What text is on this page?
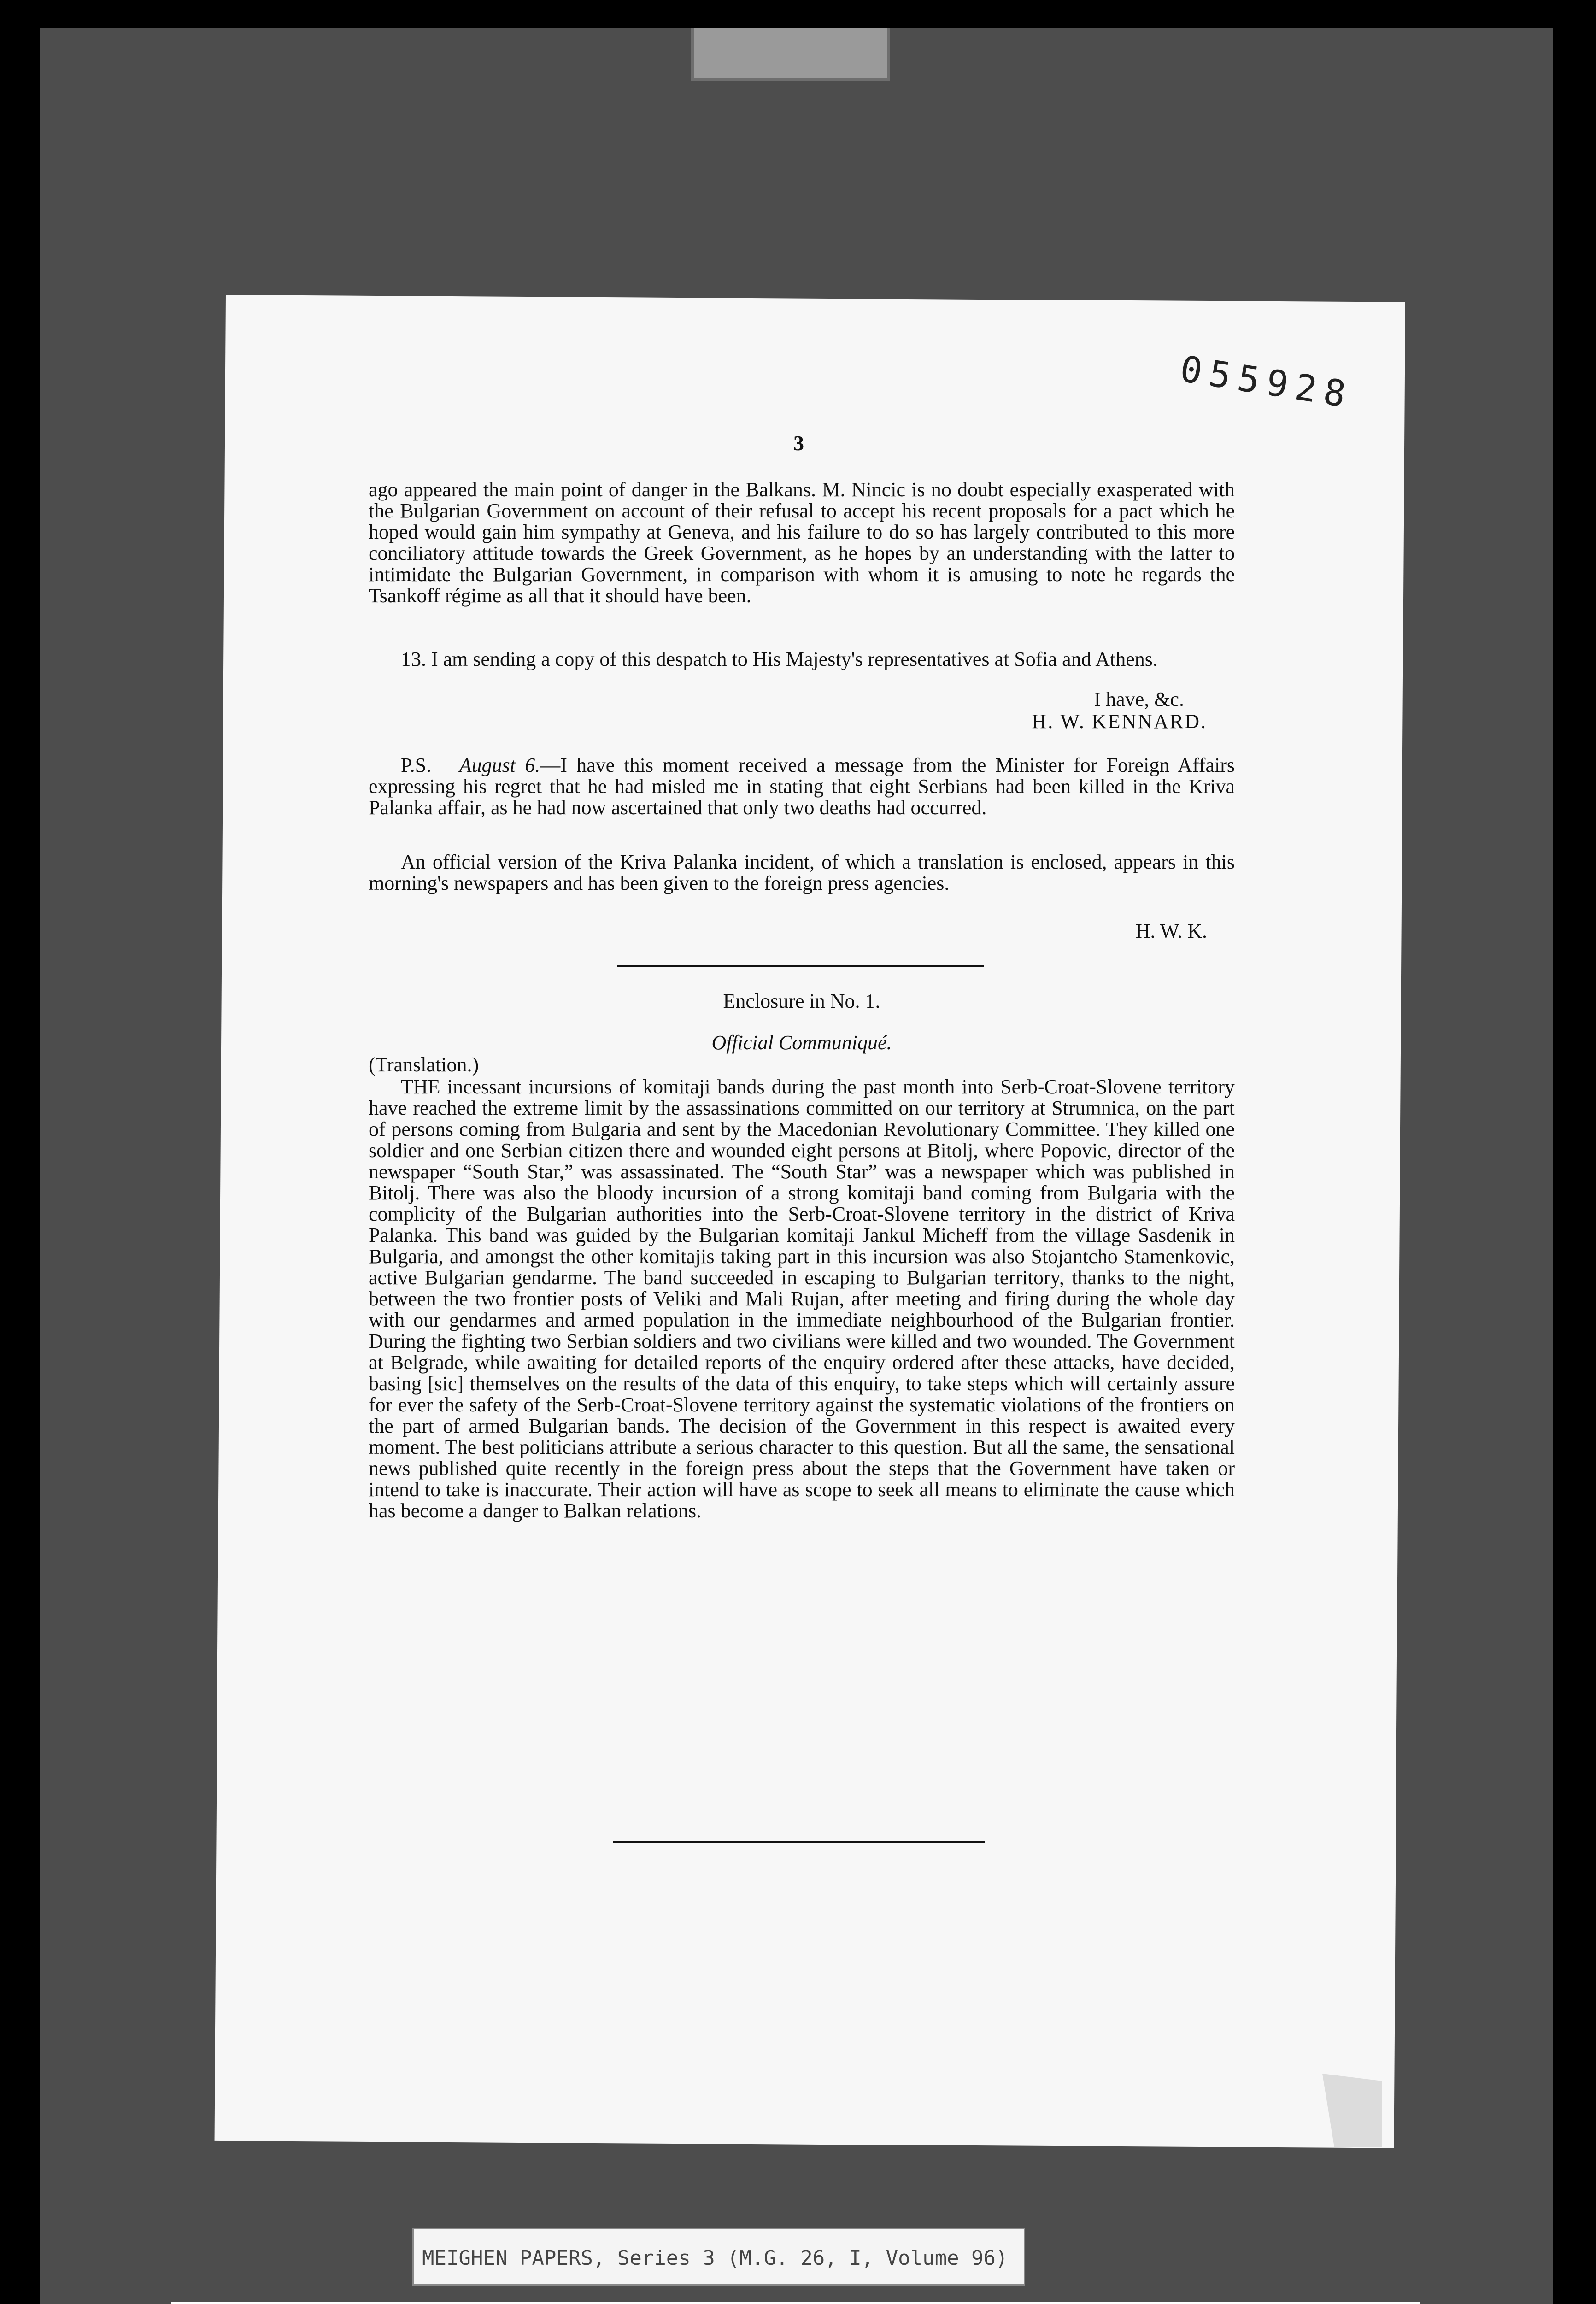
055928
3

ago appeared the main point of danger in the Balkans. M. Nincic is no doubt especially exasperated with the Bulgarian Government on account of their refusal to accept his recent proposals for a pact which he hoped would gain him sympathy at Geneva, and his failure to do so has largely contributed to this more conciliatory attitude towards the Greek Government, as he hopes by an understanding with the latter to intimidate the Bulgarian Government, in comparison with whom it is amusing to note he regards the Tsankoff régime as all that it should have been.

13. I am sending a copy of this despatch to His Majesty's representatives at Sofia and Athens.

I have, &c.

H. W. KENNARD.

P.S. August 6.—I have this moment received a message from the Minister for Foreign Affairs expressing his regret that he had misled me in stating that eight Serbians had been killed in the Kriva Palanka affair, as he had now ascertained that only two deaths had occurred.

An official version of the Kriva Palanka incident, of which a translation is enclosed, appears in this morning's newspapers and has been given to the foreign press agencies.

H. W. K.

Enclosure in No. 1.

Official Communiqué.

(Translation.)

THE incessant incursions of komitaji bands during the past month into Serb-Croat-Slovene territory have reached the extreme limit by the assassinations committed on our territory at Strumnica, on the part of persons coming from Bulgaria and sent by the Macedonian Revolutionary Committee. They killed one soldier and one Serbian citizen there and wounded eight persons at Bitolj, where Popovic, director of the newspaper “South Star,” was assassinated. The “South Star” was a newspaper which was published in Bitolj. There was also the bloody incursion of a strong komitaji band coming from Bulgaria with the complicity of the Bulgarian authorities into the Serb-Croat-Slovene territory in the district of Kriva Palanka. This band was guided by the Bulgarian komitaji Jankul Micheff from the village Sasdenik in Bulgaria, and amongst the other komitajis taking part in this incursion was also Stojantcho Stamenkovic, active Bulgarian gendarme. The band succeeded in escaping to Bulgarian territory, thanks to the night, between the two frontier posts of Veliki and Mali Rujan, after meeting and firing during the whole day with our gendarmes and armed population in the immediate neighbourhood of the Bulgarian frontier. During the fighting two Serbian soldiers and two civilians were killed and two wounded. The Government at Belgrade, while awaiting for detailed reports of the enquiry ordered after these attacks, have decided, basing [sic] themselves on the results of the data of this enquiry, to take steps which will certainly assure for ever the safety of the Serb-Croat-Slovene territory against the systematic violations of the frontiers on the part of armed Bulgarian bands. The decision of the Government in this respect is awaited every moment. The best politicians attribute a serious character to this question. But all the same, the sensational news published quite recently in the foreign press about the steps that the Government have taken or intend to take is inaccurate. Their action will have as scope to seek all means to eliminate the cause which has become a danger to Balkan relations.

MEIGHEN PAPERS, Series 3 (M.G. 26, I, Volume 96)
